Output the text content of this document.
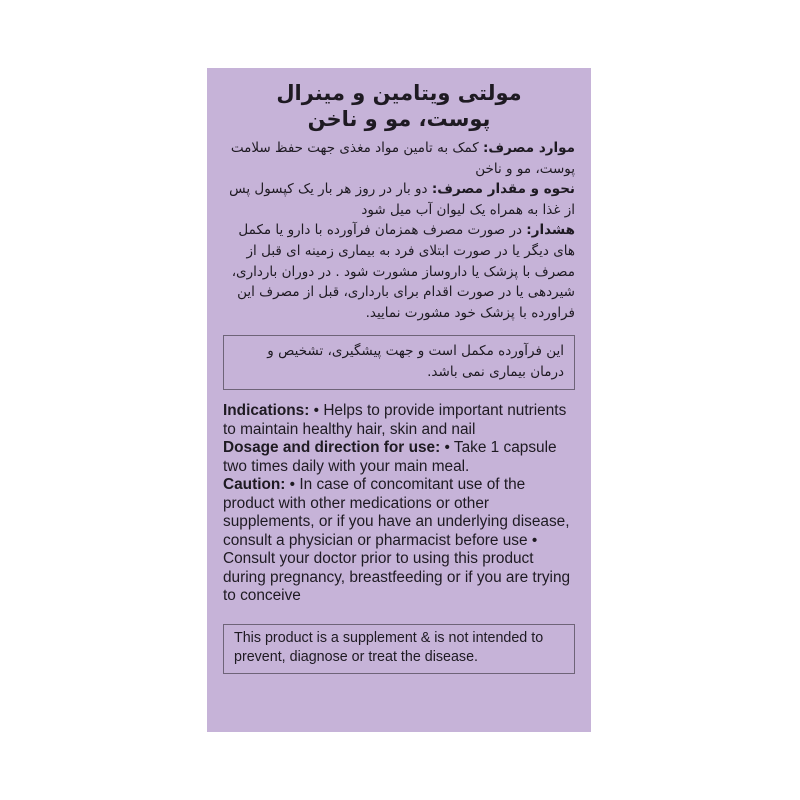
مولتی ویتامین و مینرال
پوست، مو و ناخن
موارد مصرف: کمک به تامین مواد مغذی جهت حفظ سلامت پوست، مو و ناخن
نحوه و مقدار مصرف: دو بار در روز هر بار یک کپسول پس از غذا به همراه یک لیوان آب میل شود
هشدار: در صورت مصرف همزمان فرآورده با دارو یا مکمل های دیگر یا در صورت ابتلای فرد به بیماری زمینه ای قبل از مصرف با پزشک یا داروساز مشورت شود . در دوران بارداری، شیردهی یا در صورت اقدام برای بارداری، قبل از مصرف این فراورده با پزشک خود مشورت نمایید.
این فرآورده مکمل است و جهت پیشگیری، تشخیص و درمان بیماری نمی باشد.
Indications: • Helps to provide important nutrients to maintain healthy hair, skin and nail
Dosage and direction for use: • Take 1 capsule two times daily with your main meal.
Caution: • In case of concomitant use of the product with other medications or other supplements, or if you have an underlying disease, consult a physician or pharmacist before use • Consult your doctor prior to using this product during pregnancy, breastfeeding or if you are trying to conceive
This product is a supplement & is not intended to prevent, diagnose or treat the disease.
